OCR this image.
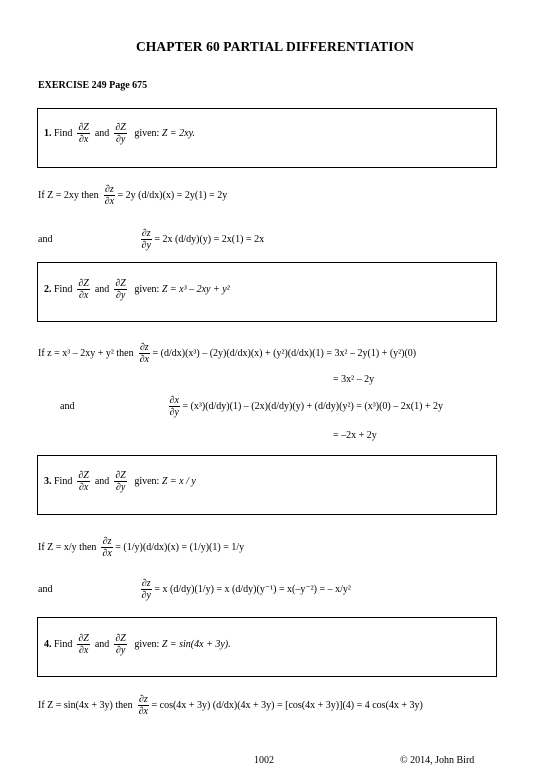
CHAPTER 60 PARTIAL DIFFERENTIATION
EXERCISE 249 Page 675
1. Find $\frac{\partial Z}{\partial x}$ and $\frac{\partial Z}{\partial y}$ given: Z = 2xy.
If Z = 2xy then $\frac{\partial z}{\partial x} = 2y$ (d/dx)(x) = 2y(1) = 2y
and	$\frac{\partial z}{\partial y} = 2x$ (d/dy)(y) = 2x(1) = 2x
2. Find $\frac{\partial Z}{\partial x}$ and $\frac{\partial Z}{\partial y}$ given: Z = x³ – 2xy + y²
If z = x³ – 2xy + y² then $\frac{\partial z}{\partial x} = (d/dx)(x^3) - (2y)(d/dx)(x) + (y^2)(d/dx)(1) = 3x^2 - 2y(1) + (y^2)(0)$
= 3x² – 2y
and	$\frac{\partial x}{\partial y} = (x^3)(d/dy)(1) - (2x)(d/dy)(y) + (d/dy)(y^2) = (x^3)(0) - 2x(1) + 2y$
= –2x + 2y
3. Find $\frac{\partial Z}{\partial x}$ and $\frac{\partial Z}{\partial y}$ given: Z = x / y
If Z = x/y then $\frac{\partial z}{\partial x} = (1/y)(d/dx)(x) = (1/y)(1) = 1/y$
and	$\frac{\partial z}{\partial y} = x$ (d/dy)(1/y) = x (d/dy)(y⁻¹) = x(–y⁻²) = – x/y²
4. Find $\frac{\partial Z}{\partial x}$ and $\frac{\partial Z}{\partial y}$ given: Z = sin(4x + 3y).
If Z = sin(4x + 3y) then $\frac{\partial z}{\partial x} = \cos(4x + 3y) (d/dx)(4x + 3y) = [\cos(4x + 3y)](4) = 4$ cos(4x + 3y)
1002	© 2014, John Bird
